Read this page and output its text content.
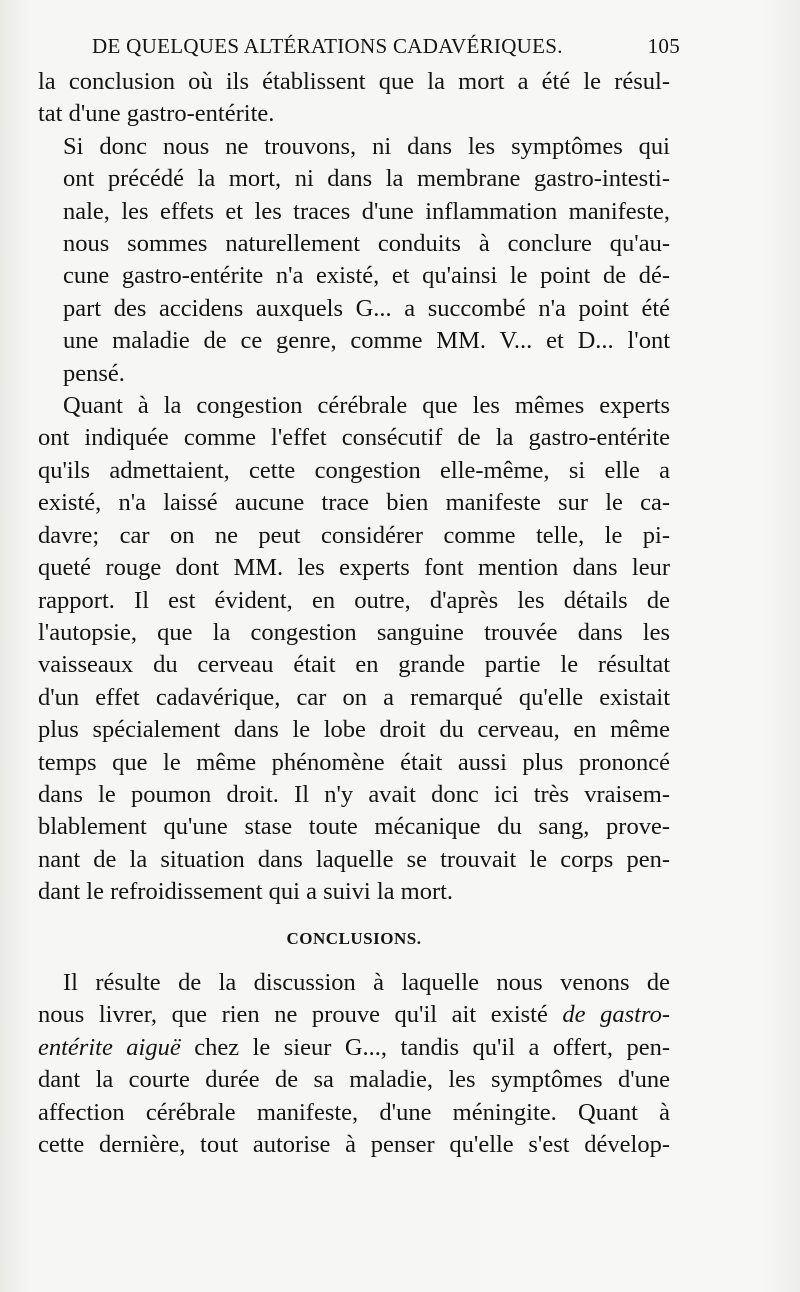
DE QUELQUES ALTÉRATIONS CADAVÉRIQUES.	105

la conclusion où ils établissent que la mort a été le résul-
tat d'une gastro-entérite.

Si donc nous ne trouvons, ni dans les symptômes qui
ont précédé la mort, ni dans la membrane gastro-intesti-
nale, les effets et les traces d'une inflammation manifeste,
nous sommes naturellement conduits à conclure qu'au-
cune gastro-entérite n'a existé, et qu'ainsi le point de dé-
part des accidens auxquels G... a succombé n'a point été
une maladie de ce genre, comme MM. V... et D... l'ont
pensé.

Quant à la congestion cérébrale que les mêmes experts
ont indiquée comme l'effet consécutif de la gastro-entérite
qu'ils admettaient, cette congestion elle-même, si elle a
existé, n'a laissé aucune trace bien manifeste sur le ca-
davre; car on ne peut considérer comme telle, le pi-
queté rouge dont MM. les experts font mention dans leur
rapport. Il est évident, en outre, d'après les détails de
l'autopsie, que la congestion sanguine trouvée dans les
vaisseaux du cerveau était en grande partie le résultat
d'un effet cadavérique, car on a remarqué qu'elle existait
plus spécialement dans le lobe droit du cerveau, en même
temps que le même phénomène était aussi plus prononcé
dans le poumon droit. Il n'y avait donc ici très vraisem-
blablement qu'une stase toute mécanique du sang, prove-
nant de la situation dans laquelle se trouvait le corps pen-
dant le refroidissement qui a suivi la mort.

CONCLUSIONS.

Il résulte de la discussion à laquelle nous venons de
nous livrer, que rien ne prouve qu'il ait existé de gastro-
entérite aiguë chez le sieur G..., tandis qu'il a offert, pen-
dant la courte durée de sa maladie, les symptômes d'une
affection cérébrale manifeste, d'une méningite. Quant à
cette dernière, tout autorise à penser qu'elle s'est dévelop-
